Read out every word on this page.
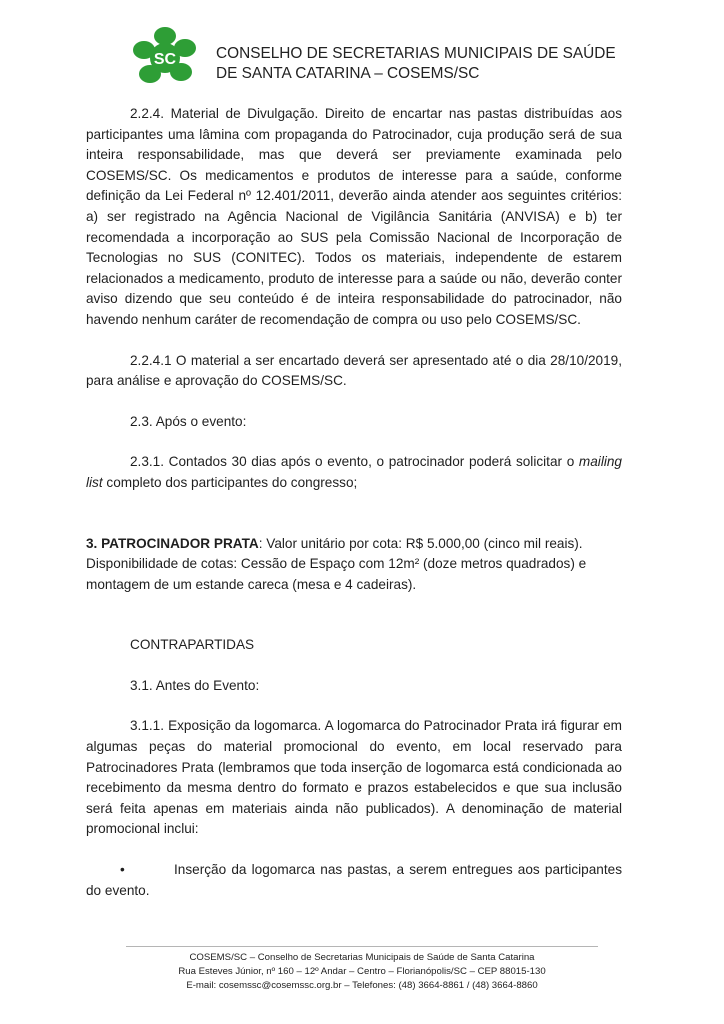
SC	CONSELHO DE SECRETARIAS MUNICIPAIS DE SAÚDE
DE SANTA CATARINA – COSEMS/SC

2.2.4. Material de Divulgação. Direito de encartar nas pastas distribuídas aos participantes uma lâmina com propaganda do Patrocinador, cuja produção será de sua inteira responsabilidade, mas que deverá ser previamente examinada pelo COSEMS/SC. Os medicamentos e produtos de interesse para a saúde, conforme definição da Lei Federal nº 12.401/2011, deverão ainda atender aos seguintes critérios: a) ser registrado na Agência Nacional de Vigilância Sanitária (ANVISA) e b) ter recomendada a incorporação ao SUS pela Comissão Nacional de Incorporação de Tecnologias no SUS (CONITEC). Todos os materiais, independente de estarem relacionados a medicamento, produto de interesse para a saúde ou não, deverão conter aviso dizendo que seu conteúdo é de inteira responsabilidade do patrocinador, não havendo nenhum caráter de recomendação de compra ou uso pelo COSEMS/SC.

2.2.4.1 O material a ser encartado deverá ser apresentado até o dia 28/10/2019, para análise e aprovação do COSEMS/SC.

2.3. Após o evento:

2.3.1. Contados 30 dias após o evento, o patrocinador poderá solicitar o mailing list completo dos participantes do congresso;

3. PATROCINADOR PRATA: Valor unitário por cota: R$ 5.000,00 (cinco mil reais).

Disponibilidade de cotas: Cessão de Espaço com 12m² (doze metros quadrados) e montagem de um estande careca (mesa e 4 cadeiras).

CONTRAPARTIDAS

3.1. Antes do Evento:

3.1.1. Exposição da logomarca. A logomarca do Patrocinador Prata irá figurar em algumas peças do material promocional do evento, em local reservado para Patrocinadores Prata (lembramos que toda inserção de logomarca está condicionada ao recebimento da mesma dentro do formato e prazos estabelecidos e que sua inclusão será feita apenas em materiais ainda não publicados). A denominação de material promocional inclui:

•	Inserção da logomarca nas pastas, a serem entregues aos participantes do evento.

COSEMS/SC – Conselho de Secretarias Municipais de Saúde de Santa Catarina
Rua Esteves Júnior, nº 160 – 12º Andar – Centro – Florianópolis/SC – CEP 88015-130
E-mail: cosemssc@cosemssc.org.br – Telefones: (48) 3664-8861 / (48) 3664-8860
